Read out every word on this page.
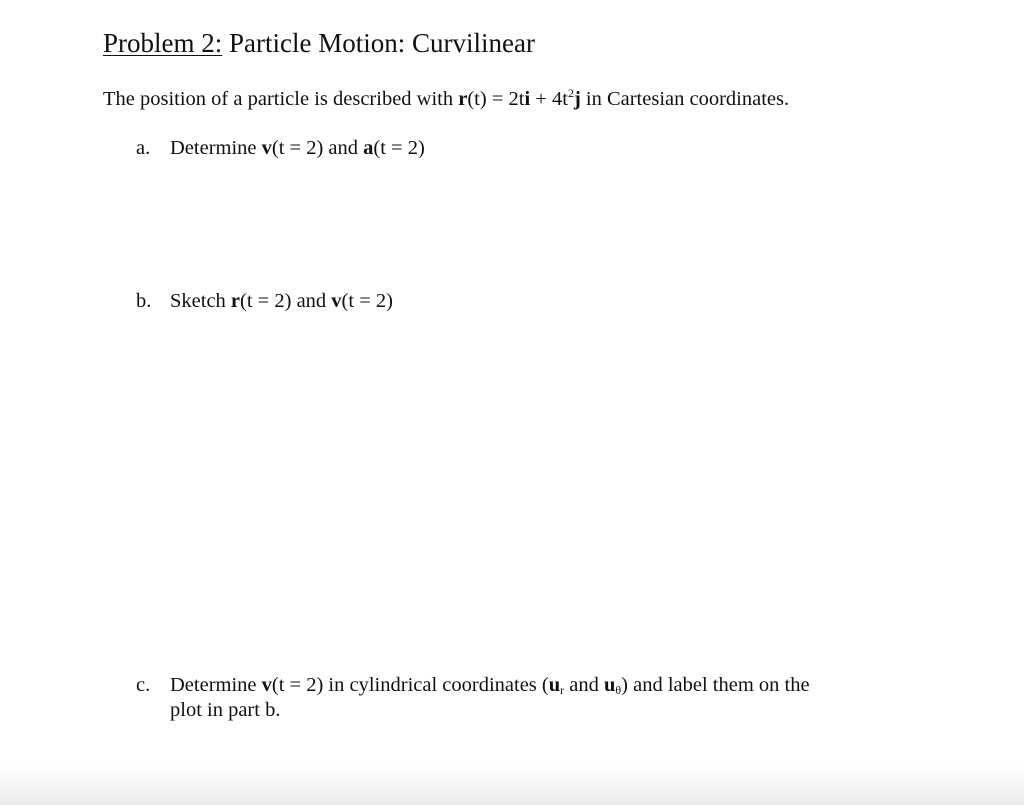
Problem 2: Particle Motion: Curvilinear
The position of a particle is described with $r(t) = 2ti + 4t^2j$ in Cartesian coordinates.
a. Determine v(t = 2) and a(t = 2)
b. Sketch r(t = 2) and v(t = 2)
c. Determine v(t = 2) in cylindrical coordinates ($u_r$ and $u_\theta$) and label them on the
plot in part b.
